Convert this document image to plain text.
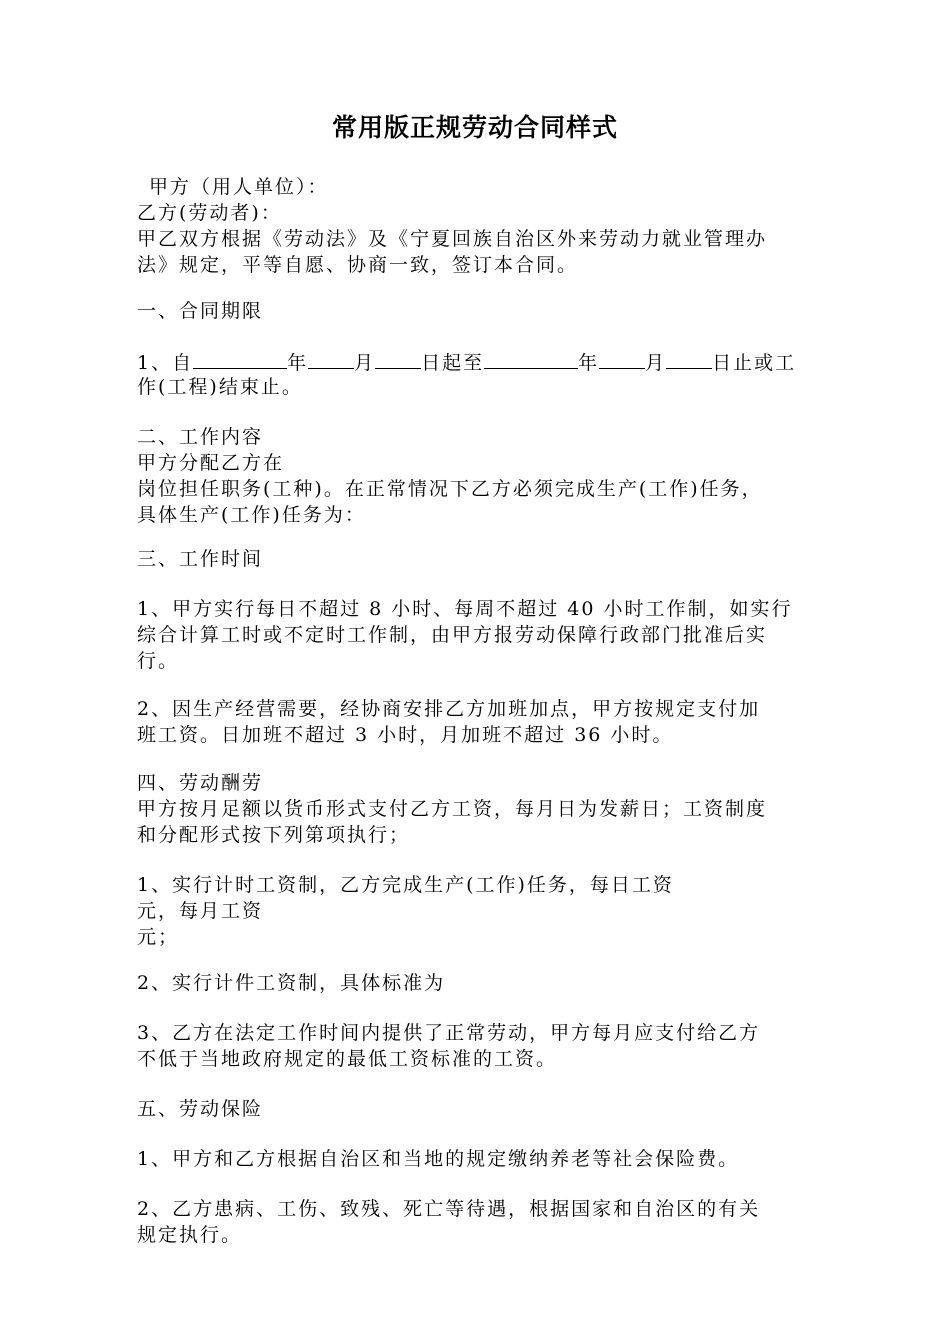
常用版正规劳动合同样式
甲方（用人单位）：
乙方(劳动者)：
甲乙双方根据《劳动法》及《宁夏回族自治区外来劳动力就业管理办
法》规定，平等自愿、协商一致，签订本合同。
一、合同期限
1、自	年 月 日起至	年 月 日止或工
作(工程)结束止。
二、工作内容
甲方分配乙方在
岗位担任职务(工种)。在正常情况下乙方必须完成生产(工作)任务，
具体生产(工作)任务为：
三、工作时间
1、甲方实行每日不超过 8 小时、每周不超过 40 小时工作制，如实行
综合计算工时或不定时工作制，由甲方报劳动保障行政部门批准后实
行。
2、因生产经营需要，经协商安排乙方加班加点，甲方按规定支付加
班工资。日加班不超过 3 小时，月加班不超过 36 小时。
四、劳动酬劳
甲方按月足额以货币形式支付乙方工资，每月日为发薪日；工资制度
和分配形式按下列第项执行；
1、实行计时工资制，乙方完成生产(工作)任务，每日工资
元，每月工资
元；
2、实行计件工资制，具体标准为
3、乙方在法定工作时间内提供了正常劳动，甲方每月应支付给乙方
不低于当地政府规定的最低工资标准的工资。
五、劳动保险
1、甲方和乙方根据自治区和当地的规定缴纳养老等社会保险费。
2、乙方患病、工伤、致残、死亡等待遇，根据国家和自治区的有关
规定执行。
